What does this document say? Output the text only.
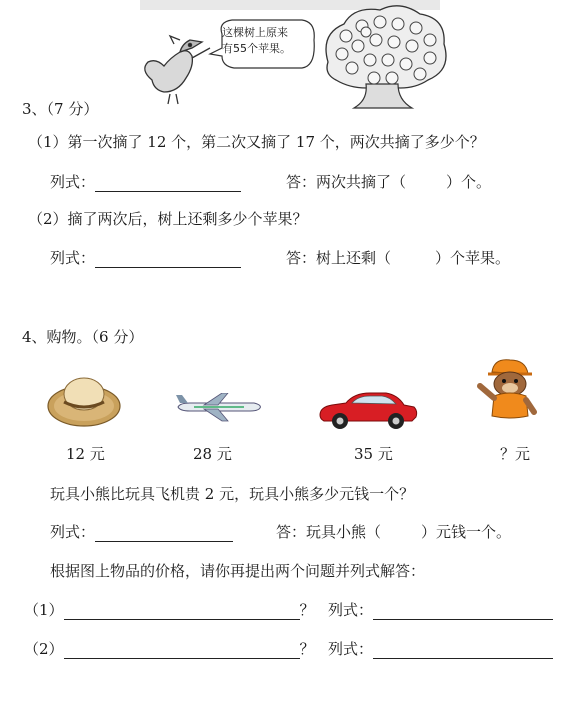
这棵树上原来
有55个苹果。
3、（7 分）
（1）第一次摘了 12 个，第二次又摘了 17 个，两次共摘了多少个？
列式：	答：两次共摘了（	）个。
（2）摘了两次后，树上还剩多少个苹果？
列式：	答：树上还剩（	）个苹果。
4、购物。（6 分）
12 元	28 元	35 元	？元
玩具小熊比玩具飞机贵 2 元，玩具小熊多少元钱一个？
列式：	答：玩具小熊（	）元钱一个。
根据图上物品的价格，请你再提出两个问题并列式解答：
（1）	？ 列式：
（2）	？ 列式：
